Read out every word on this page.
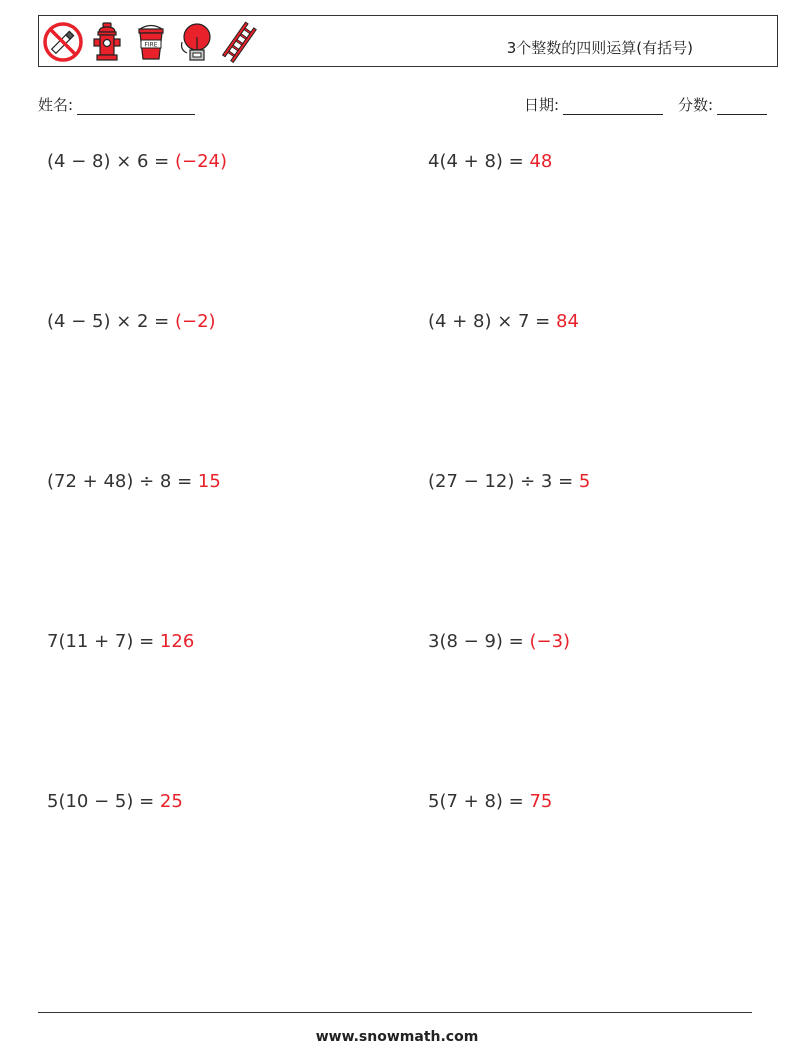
FIRE	3个整数的四则运算(有括号)
姓名:	日期:	分数:
(4 − 8) × 6 = (−24)	4(4 + 8) = 48
(4 − 5) × 2 = (−2)	(4 + 8) × 7 = 84
(72 + 48) ÷ 8 = 15	(27 − 12) ÷ 3 = 5
7(11 + 7) = 126	3(8 − 9) = (−3)
5(10 − 5) = 25	5(7 + 8) = 75
www.snowmath.com
